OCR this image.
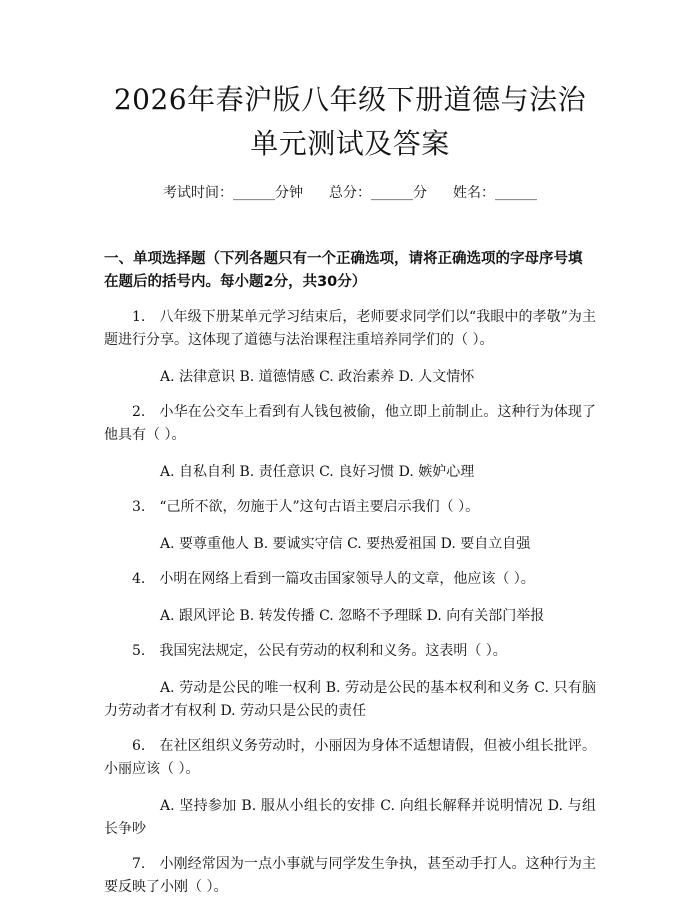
2026年春沪版八年级下册道德与法治单元测试及答案
考试时间：______分钟 总分：______分 姓名：______
一、单项选择题（下列各题只有一个正确选项，请将正确选项的字母序号填在题后的括号内。每小题2分，共30分）
1.　八年级下册某单元学习结束后，老师要求同学们以“我眼中的孝敬”为主题进行分享。这体现了道德与法治课程注重培养同学们的（ ）。
A. 法律意识 B. 道德情感 C. 政治素养 D. 人文情怀
2.　小华在公交车上看到有人钱包被偷，他立即上前制止。这种行为体现了他具有（ ）。
A. 自私自利 B. 责任意识 C. 良好习惯 D. 嫉妒心理
3.　“己所不欲，勿施于人”这句古语主要启示我们（ ）。
A. 要尊重他人 B. 要诚实守信 C. 要热爱祖国 D. 要自立自强
4.　小明在网络上看到一篇攻击国家领导人的文章，他应该（ ）。
A. 跟风评论 B. 转发传播 C. 忽略不予理睬 D. 向有关部门举报
5.　我国宪法规定，公民有劳动的权利和义务。这表明（ ）。
A. 劳动是公民的唯一权利 B. 劳动是公民的基本权利和义务 C. 只有脑力劳动者才有权利 D. 劳动只是公民的责任
6.　在社区组织义务劳动时，小丽因为身体不适想请假，但被小组长批评。小丽应该（ ）。
A. 坚持参加 B. 服从小组长的安排 C. 向组长解释并说明情况 D. 与组长争吵
7.　小刚经常因为一点小事就与同学发生争执，甚至动手打人。这种行为主要反映了小刚（ ）。
